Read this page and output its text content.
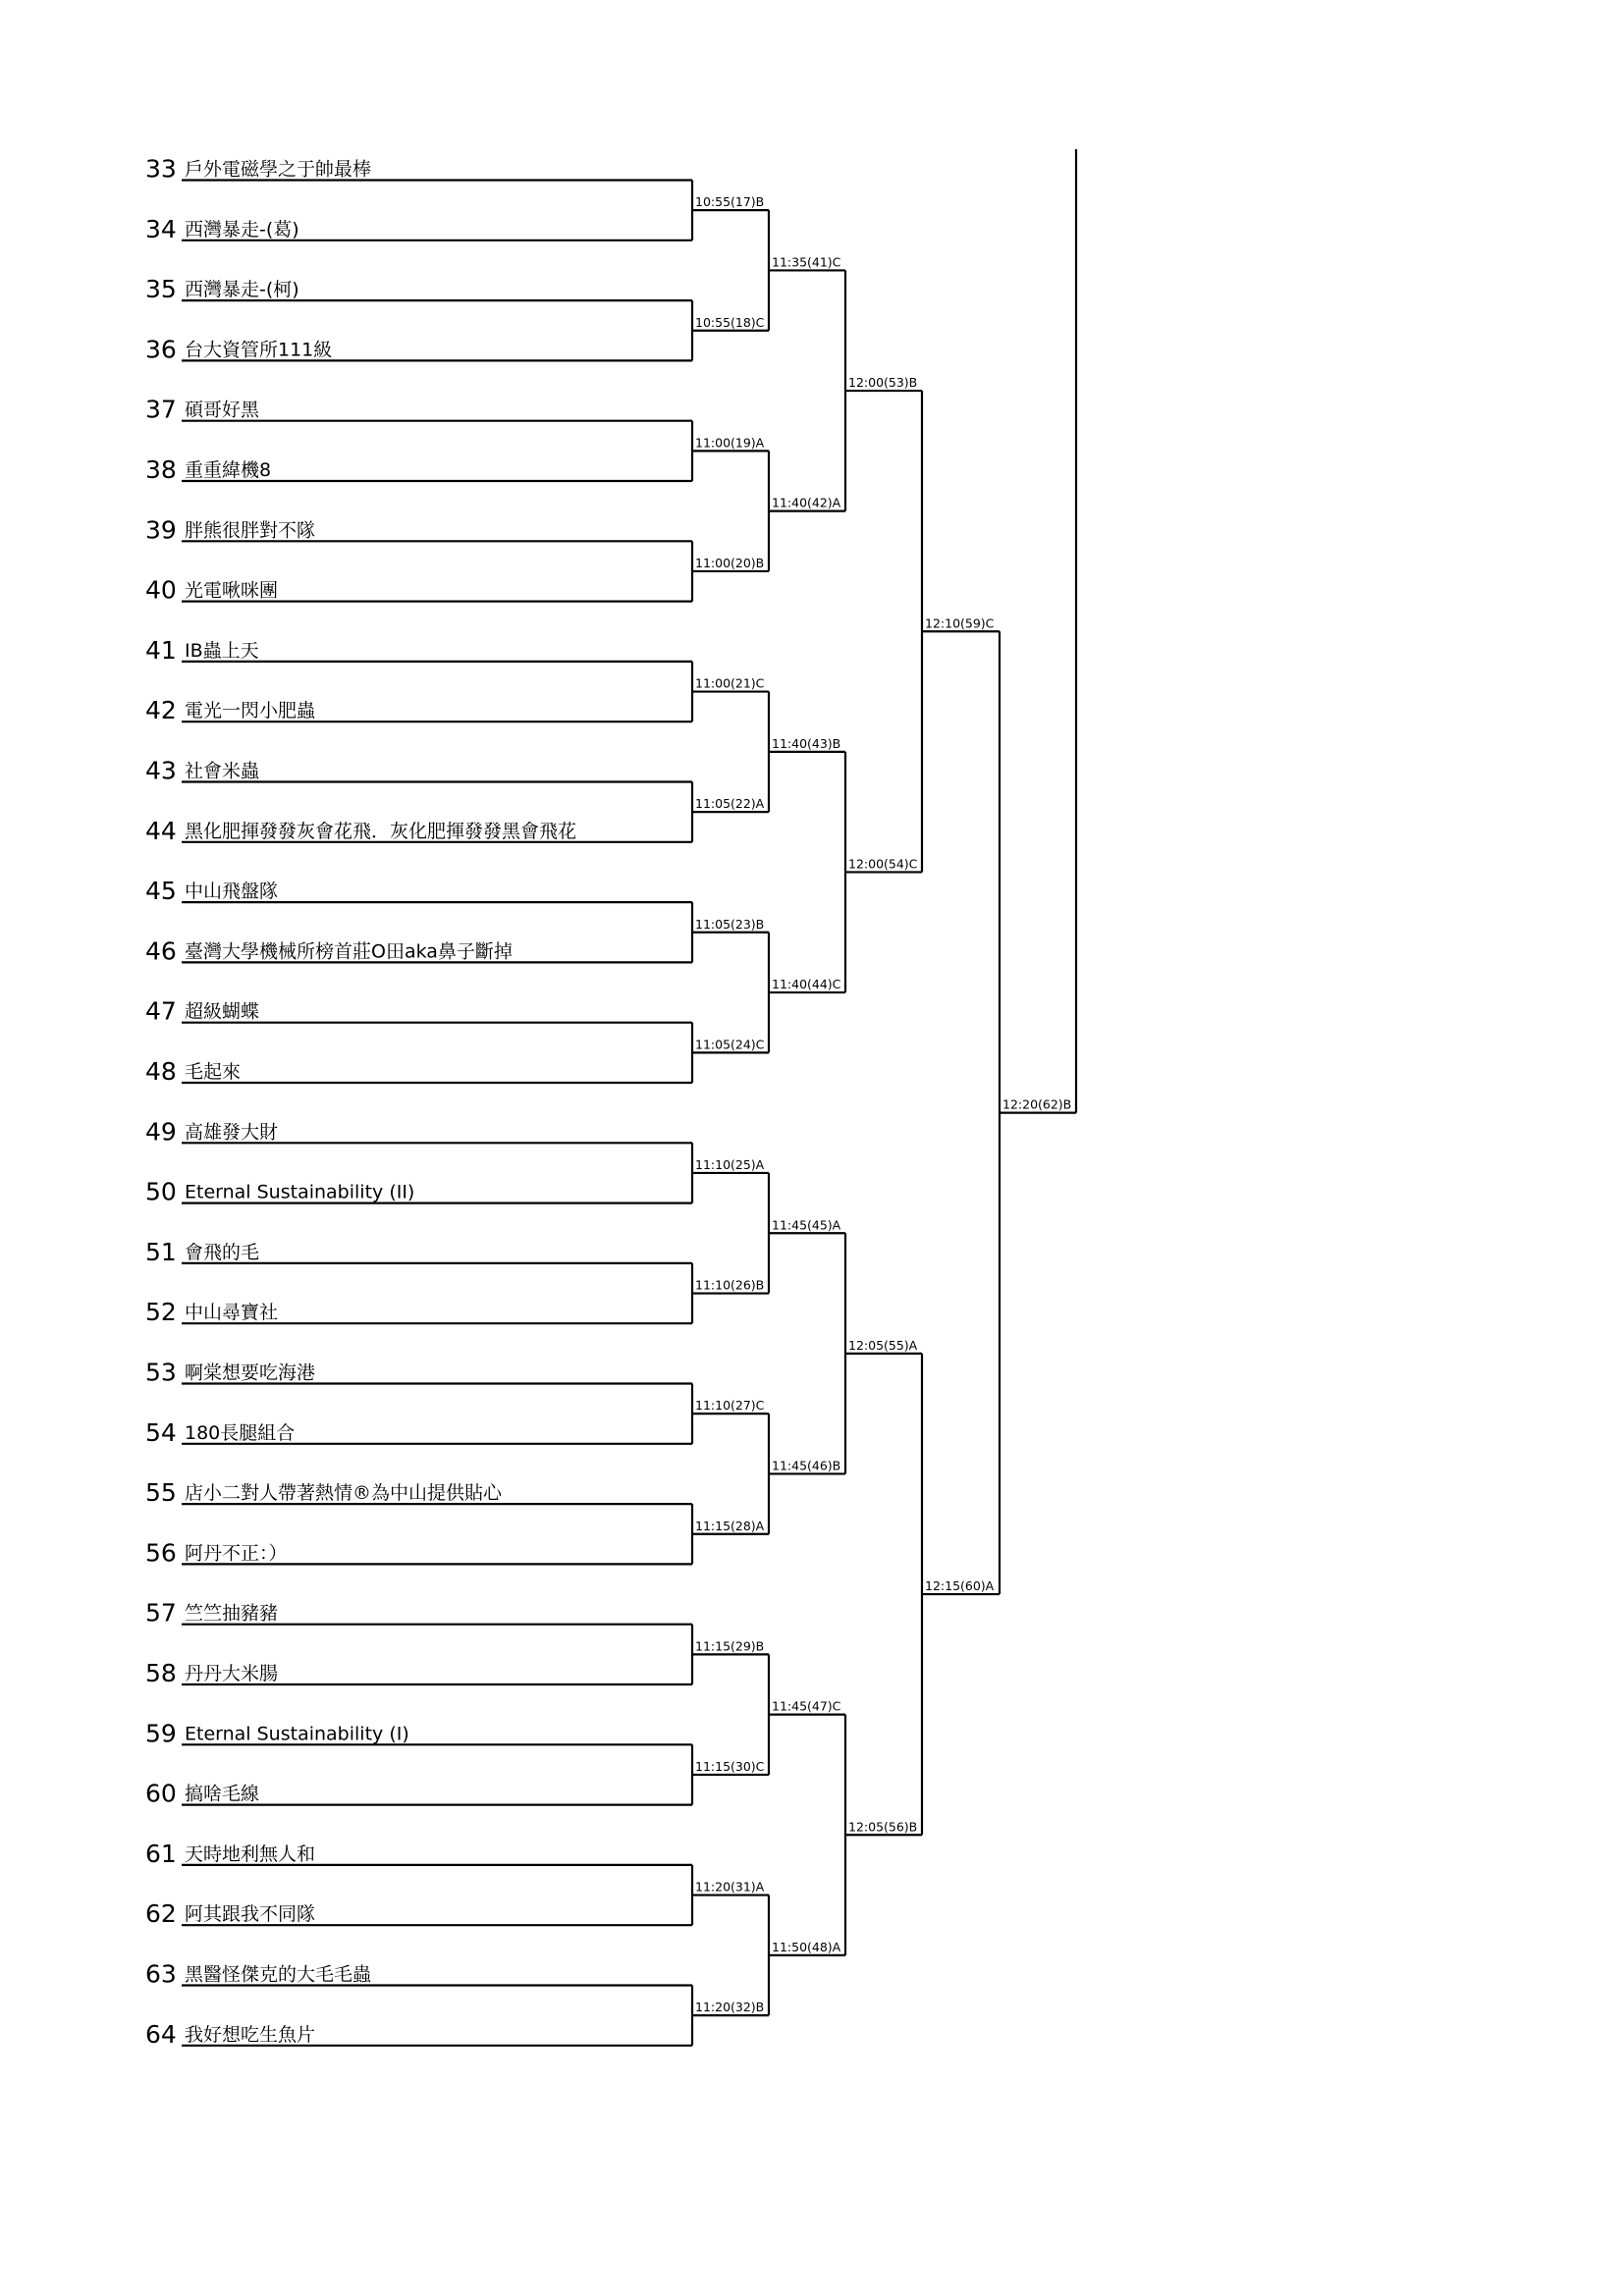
33 戶外電磁學之于帥最棒
34 西灣暴走-(葛)
35 西灣暴走-(柯)
36 台大資管所111級
37 碩哥好黑
38 重重緯機8
39 胖熊很胖對不隊
40 光電啾咪團
41 IB蟲上天
42 電光一閃小肥蟲
43 社會米蟲
44 黑化肥揮發發灰會花飛．灰化肥揮發發黑會飛花
45 中山飛盤隊
46 臺灣大學機械所榜首莊O田aka鼻子斷掉
47 超級蝴蝶
48 毛起來
49 高雄發大財
50 Eternal Sustainability (II)
51 會飛的毛
52 中山尋寶社
53 啊棠想要吃海港
54 180長腿組合
55 店小二對人帶著熱情®為中山提供貼心
56 阿丹不正：）
57 竺竺抽豬豬
58 丹丹大米腸
59 Eternal Sustainability (I)
60 搞啥毛線
61 天時地利無人和
62 阿其跟我不同隊
63 黑醫怪傑克的大毛毛蟲
64 我好想吃生魚片
10:55(17)B
10:55(18)C
11:00(19)A
11:00(20)B
11:00(21)C
11:05(22)A
11:05(23)B
11:05(24)C
11:10(25)A
11:10(26)B
11:10(27)C
11:15(28)A
11:15(29)B
11:15(30)C
11:20(31)A
11:20(32)B
11:35(41)C
11:40(42)A
11:40(43)B
11:40(44)C
11:45(45)A
11:45(46)B
11:45(47)C
11:50(48)A
12:00(53)B
12:00(54)C
12:05(55)A
12:05(56)B
12:10(59)C
12:15(60)A
12:20(62)B
